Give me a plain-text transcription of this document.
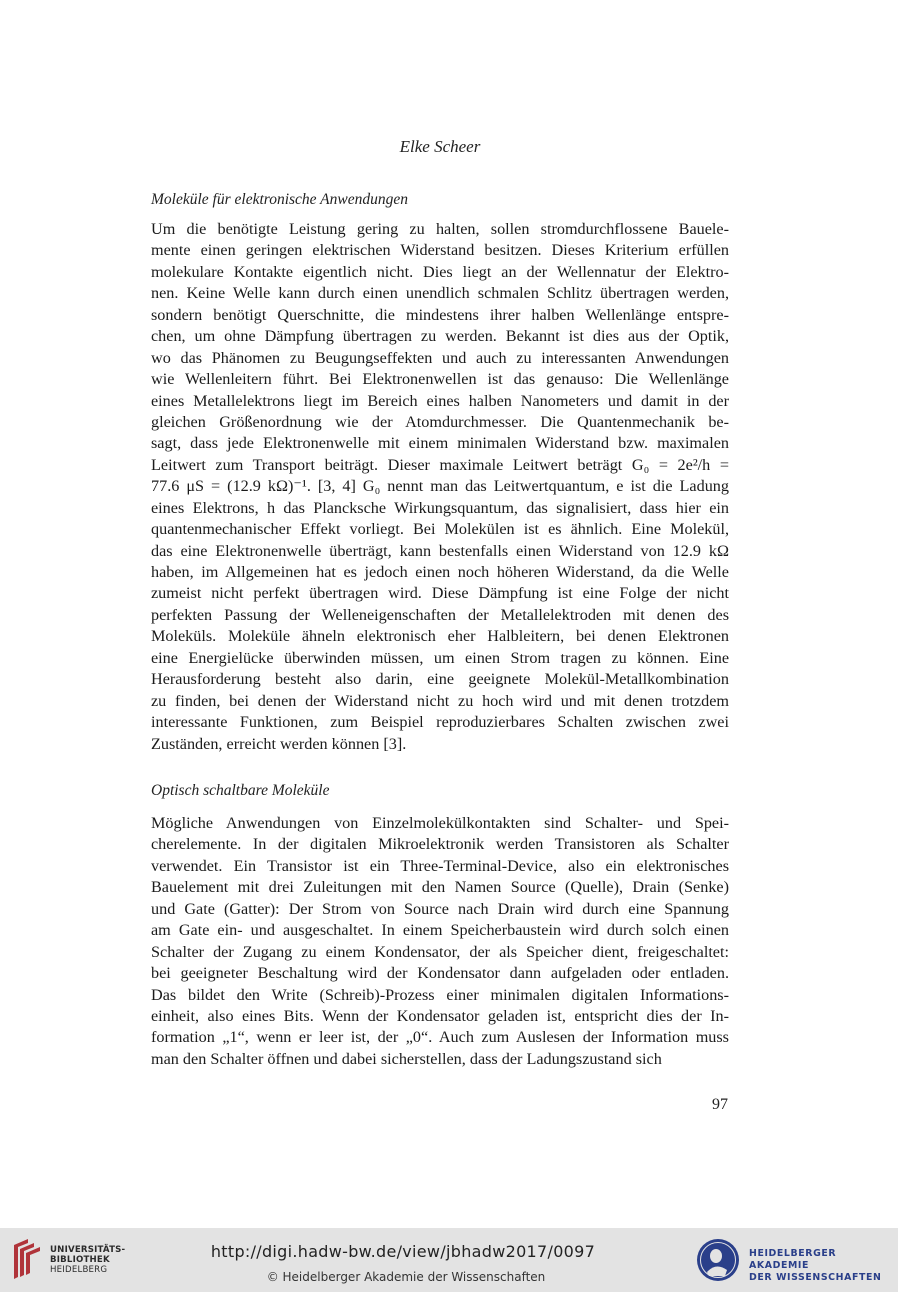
Elke Scheer
Moleküle für elektronische Anwendungen
Um die benötigte Leistung gering zu halten, sollen stromdurchflossene Bauele-
mente einen geringen elektrischen Widerstand besitzen. Dieses Kriterium erfüllen
molekulare Kontakte eigentlich nicht. Dies liegt an der Wellennatur der Elektro-
nen. Keine Welle kann durch einen unendlich schmalen Schlitz übertragen werden,
sondern benötigt Querschnitte, die mindestens ihrer halben Wellenlänge entspre-
chen, um ohne Dämpfung übertragen zu werden. Bekannt ist dies aus der Optik,
wo das Phänomen zu Beugungseffekten und auch zu interessanten Anwendungen
wie Wellenleitern führt. Bei Elektronenwellen ist das genauso: Die Wellenlänge
eines Metallelektrons liegt im Bereich eines halben Nanometers und damit in der
gleichen Größenordnung wie der Atomdurchmesser. Die Quantenmechanik be-
sagt, dass jede Elektronenwelle mit einem minimalen Widerstand bzw. maximalen
Leitwert zum Transport beiträgt. Dieser maximale Leitwert beträgt G₀ = 2e²/h =
77.6 μS = (12.9 kΩ)⁻¹. [3, 4] G₀ nennt man das Leitwertquantum, e ist die Ladung
eines Elektrons, h das Plancksche Wirkungsquantum, das signalisiert, dass hier ein
quantenmechanischer Effekt vorliegt. Bei Molekülen ist es ähnlich. Eine Molekül,
das eine Elektronenwelle überträgt, kann bestenfalls einen Widerstand von 12.9 kΩ
haben, im Allgemeinen hat es jedoch einen noch höheren Widerstand, da die Welle
zumeist nicht perfekt übertragen wird. Diese Dämpfung ist eine Folge der nicht
perfekten Passung der Welleneigenschaften der Metallelektroden mit denen des
Moleküls. Moleküle ähneln elektronisch eher Halbleitern, bei denen Elektronen
eine Energielücke überwinden müssen, um einen Strom tragen zu können. Eine
Herausforderung besteht also darin, eine geeignete Molekül-Metallkombination
zu finden, bei denen der Widerstand nicht zu hoch wird und mit denen trotzdem
interessante Funktionen, zum Beispiel reproduzierbares Schalten zwischen zwei
Zuständen, erreicht werden können [3].
Optisch schaltbare Moleküle
Mögliche Anwendungen von Einzelmolekülkontakten sind Schalter- und Spei-
cherelemente. In der digitalen Mikroelektronik werden Transistoren als Schalter
verwendet. Ein Transistor ist ein Three-Terminal-Device, also ein elektronisches
Bauelement mit drei Zuleitungen mit den Namen Source (Quelle), Drain (Senke)
und Gate (Gatter): Der Strom von Source nach Drain wird durch eine Spannung
am Gate ein- und ausgeschaltet. In einem Speicherbaustein wird durch solch einen
Schalter der Zugang zu einem Kondensator, der als Speicher dient, freigeschaltet:
bei geeigneter Beschaltung wird der Kondensator dann aufgeladen oder entladen.
Das bildet den Write (Schreib)-Prozess einer minimalen digitalen Informations-
einheit, also eines Bits. Wenn der Kondensator geladen ist, entspricht dies der In-
formation „1“, wenn er leer ist, der „0“. Auch zum Auslesen der Information muss
man den Schalter öffnen und dabei sicherstellen, dass der Ladungszustand sich
97
UNIVERSITÄTS-
BIBLIOTHEK
HEIDELBERG
http://digi.hadw-bw.de/view/jbhadw2017/0097
© Heidelberger Akademie der Wissenschaften
HEIDELBERGER AKADEMIE
DER WISSENSCHAFTEN
